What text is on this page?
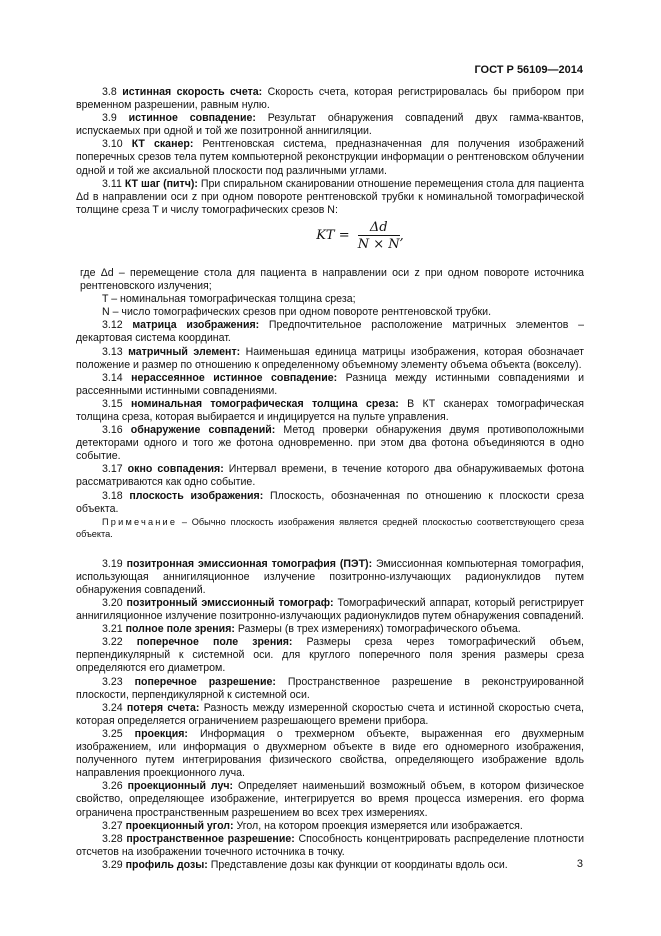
ГОСТ Р 56109—2014

3.8 истинная скорость счета: Скорость счета, которая регистрировалась бы прибором при временном разрешении, равным нулю.

3.9 истинное совпадение: Результат обнаружения совпадений двух гамма-квантов, испускаемых при одной и той же позитронной аннигиляции.

3.10 КТ сканер: Рентгеновская система, предназначенная для получения изображений поперечных срезов тела путем компьютерной реконструкции информации о рентгеновском облучении одной и той же аксиальной плоскости под различными углами.

3.11 КТ шаг (питч): При спиральном сканировании отношение перемещения стола для пациента Δd в направлении оси z при одном повороте рентгеновской трубки к номинальной томографической толщине среза T и числу томографических срезов N:

KT = $\frac{\Delta d}{N \times N}$ ,

где Δd – перемещение стола для пациента в направлении оси z при одном повороте источника рентгеновского излучения;

T – номинальная томографическая толщина среза;

N – число томографических срезов при одном повороте рентгеновской трубки.

3.12 матрица изображения: Предпочтительное расположение матричных элементов – декартовая система координат.

3.13 матричный элемент: Наименьшая единица матрицы изображения, которая обозначает положение и размер по отношению к определенному объемному элементу объема объекта (вокселу).

3.14 нерассеянное истинное совпадение: Разница между истинными совпадениями и рассеянными истинными совпадениями.

3.15 номинальная томографическая толщина среза: В КТ сканерах томографическая толщина среза, которая выбирается и индицируется на пульте управления.

3.16 обнаружение совпадений: Метод проверки обнаружения двумя противоположными детекторами одного и того же фотона одновременно. при этом два фотона объединяются в одно событие.

3.17 окно совпадения: Интервал времени, в течение которого два обнаруживаемых фотона рассматриваются как одно событие.

3.18 плоскость изображения: Плоскость, обозначенная по отношению к плоскости среза объекта.

Примечание – Обычно плоскость изображения является средней плоскостью соответствующего среза объекта.

3.19 позитронная эмиссионная томография (ПЭТ): Эмиссионная компьютерная томография, использующая аннигиляционное излучение позитронно-излучающих радионуклидов путем обнаружения совпадений.

3.20 позитронный эмиссионный томограф: Томографический аппарат, который регистрирует аннигиляционное излучение позитронно-излучающих радионуклидов путем обнаружения совпадений.

3.21 полное поле зрения: Размеры (в трех измерениях) томографического объема.

3.22 поперечное поле зрения: Размеры среза через томографический объем, перпендикулярный к системной оси. для круглого поперечного поля зрения размеры среза определяются его диаметром.

3.23 поперечное разрешение: Пространственное разрешение в реконструированной плоскости, перпендикулярной к системной оси.

3.24 потеря счета: Разность между измеренной скоростью счета и истинной скоростью счета, которая определяется ограничением разрешающего времени прибора.

3.25 проекция: Информация о трехмерном объекте, выраженная его двухмерным изображением, или информация о двухмерном объекте в виде его одномерного изображения, полученного путем интегрирования физического свойства, определяющего изображение вдоль направления проекционного луча.

3.26 проекционный луч: Определяет наименьший возможный объем, в котором физическое свойство, определяющее изображение, интегрируется во время процесса измерения. его форма ограничена пространственным разрешением во всех трех измерениях.

3.27 проекционный угол: Угол, на котором проекция измеряется или изображается.

3.28 пространственное разрешение: Способность концентрировать распределение плотности отсчетов на изображении точечного источника в точку.

3.29 профиль дозы: Представление дозы как функции от координаты вдоль оси.	3
